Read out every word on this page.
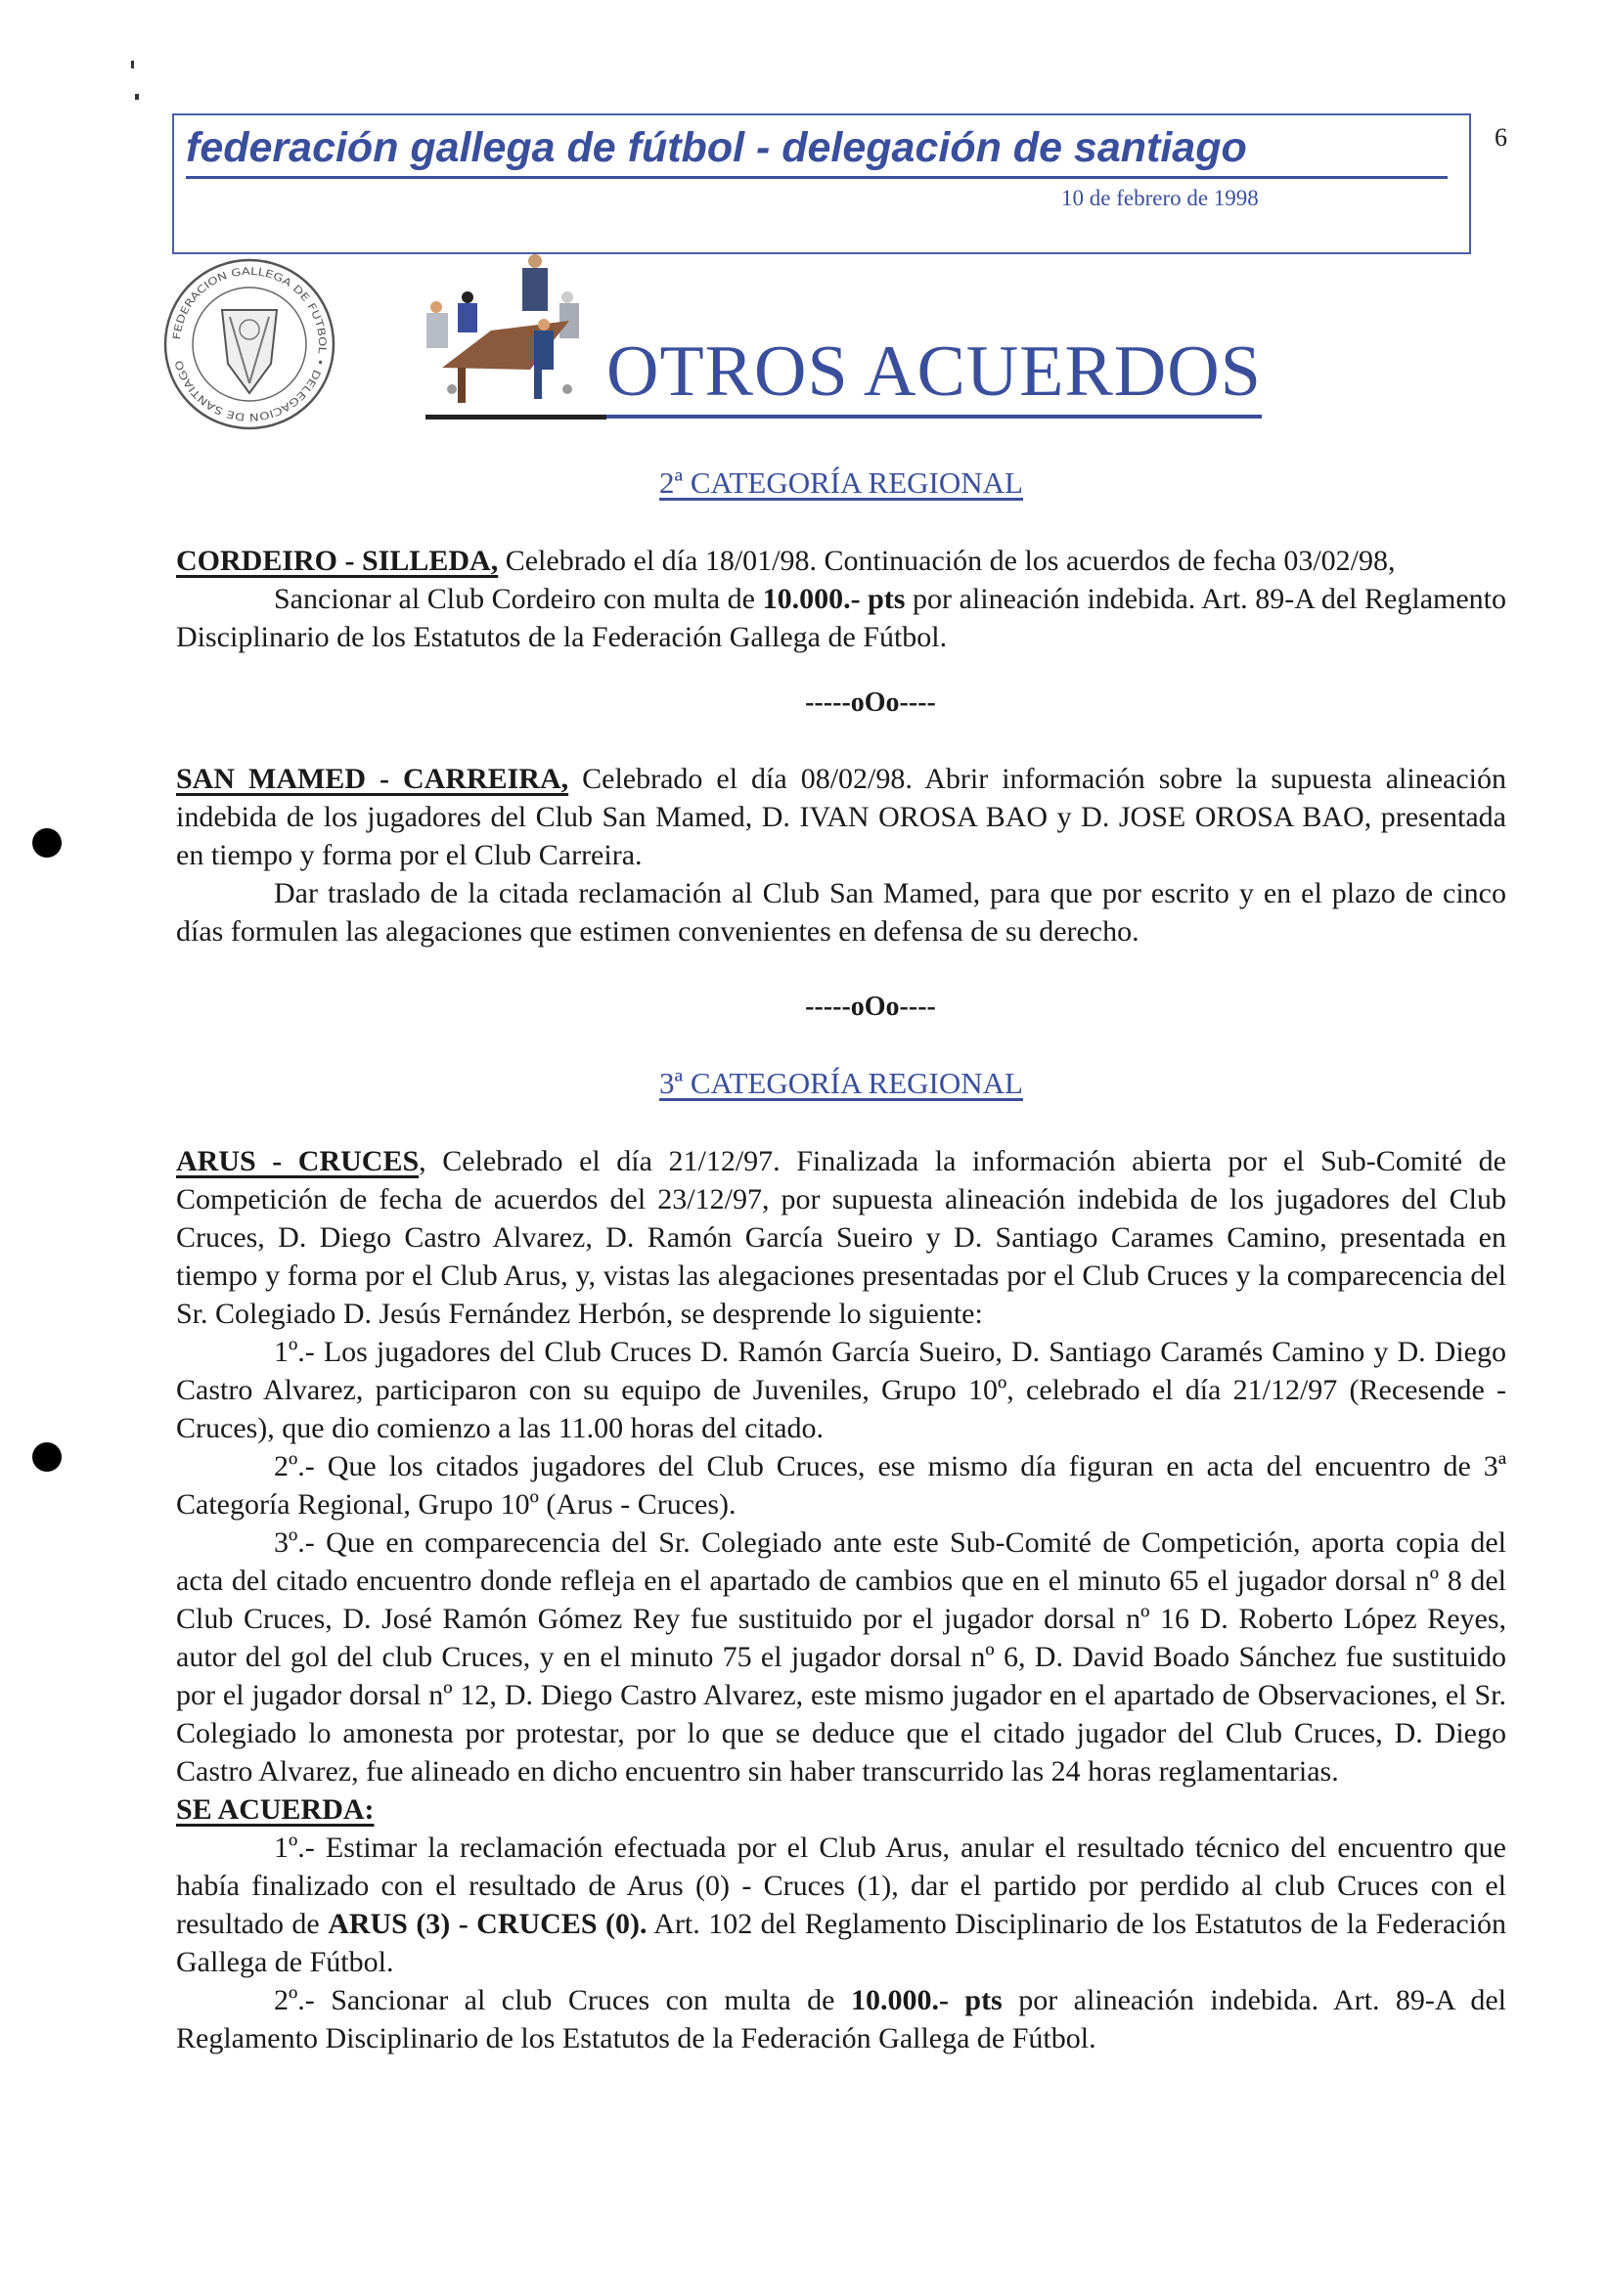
federación gallega de fútbol - delegación de santiago
10 de febrero de 1998
6
FEDERACION GALLEGA DE FUTBOL • DELEGACION DE SANTIAGO	OTROS ACUERDOS
2ª CATEGORÍA REGIONAL
CORDEIRO - SILLEDA, Celebrado el día 18/01/98. Continuación de los acuerdos de fecha 03/02/98,
Sancionar al Club Cordeiro con multa de 10.000.- pts por alineación indebida. Art. 89-A del Reglamento Disciplinario de los Estatutos de la Federación Gallega de Fútbol.
-----oOo----
SAN MAMED - CARREIRA, Celebrado el día 08/02/98. Abrir información sobre la supuesta alineación indebida de los jugadores del Club San Mamed, D. IVAN OROSA BAO y D. JOSE OROSA BAO, presentada en tiempo y forma por el Club Carreira.
Dar traslado de la citada reclamación al Club San Mamed, para que por escrito y en el plazo de cinco días formulen las alegaciones que estimen convenientes en defensa de su derecho.
-----oOo----
3ª CATEGORÍA REGIONAL
ARUS - CRUCES, Celebrado el día 21/12/97. Finalizada la información abierta por el Sub-Comité de Competición de fecha de acuerdos del 23/12/97, por supuesta alineación indebida de los jugadores del Club Cruces, D. Diego Castro Alvarez, D. Ramón García Sueiro y D. Santiago Carames Camino, presentada en tiempo y forma por el Club Arus, y, vistas las alegaciones presentadas por el Club Cruces y la comparecencia del Sr. Colegiado D. Jesús Fernández Herbón, se desprende lo siguiente:
1º.- Los jugadores del Club Cruces D. Ramón García Sueiro, D. Santiago Caramés Camino y D. Diego Castro Alvarez, participaron con su equipo de Juveniles, Grupo 10º, celebrado el día 21/12/97 (Recesende - Cruces), que dio comienzo a las 11.00 horas del citado.
2º.- Que los citados jugadores del Club Cruces, ese mismo día figuran en acta del encuentro de 3ª Categoría Regional, Grupo 10º (Arus - Cruces).
3º.- Que en comparecencia del Sr. Colegiado ante este Sub-Comité de Competición, aporta copia del acta del citado encuentro donde refleja en el apartado de cambios que en el minuto 65 el jugador dorsal nº 8 del Club Cruces, D. José Ramón Gómez Rey fue sustituido por el jugador dorsal nº 16 D. Roberto López Reyes, autor del gol del club Cruces, y en el minuto 75 el jugador dorsal nº 6, D. David Boado Sánchez fue sustituido por el jugador dorsal nº 12, D. Diego Castro Alvarez, este mismo jugador en el apartado de Observaciones, el Sr. Colegiado lo amonesta por protestar, por lo que se deduce que el citado jugador del Club Cruces, D. Diego Castro Alvarez, fue alineado en dicho encuentro sin haber transcurrido las 24 horas reglamentarias.
SE ACUERDA:
1º.- Estimar la reclamación efectuada por el Club Arus, anular el resultado técnico del encuentro que había finalizado con el resultado de Arus (0) - Cruces (1), dar el partido por perdido al club Cruces con el resultado de ARUS (3) - CRUCES (0). Art. 102 del Reglamento Disciplinario de los Estatutos de la Federación Gallega de Fútbol.
2º.- Sancionar al club Cruces con multa de 10.000.- pts por alineación indebida. Art. 89-A del Reglamento Disciplinario de los Estatutos de la Federación Gallega de Fútbol.
